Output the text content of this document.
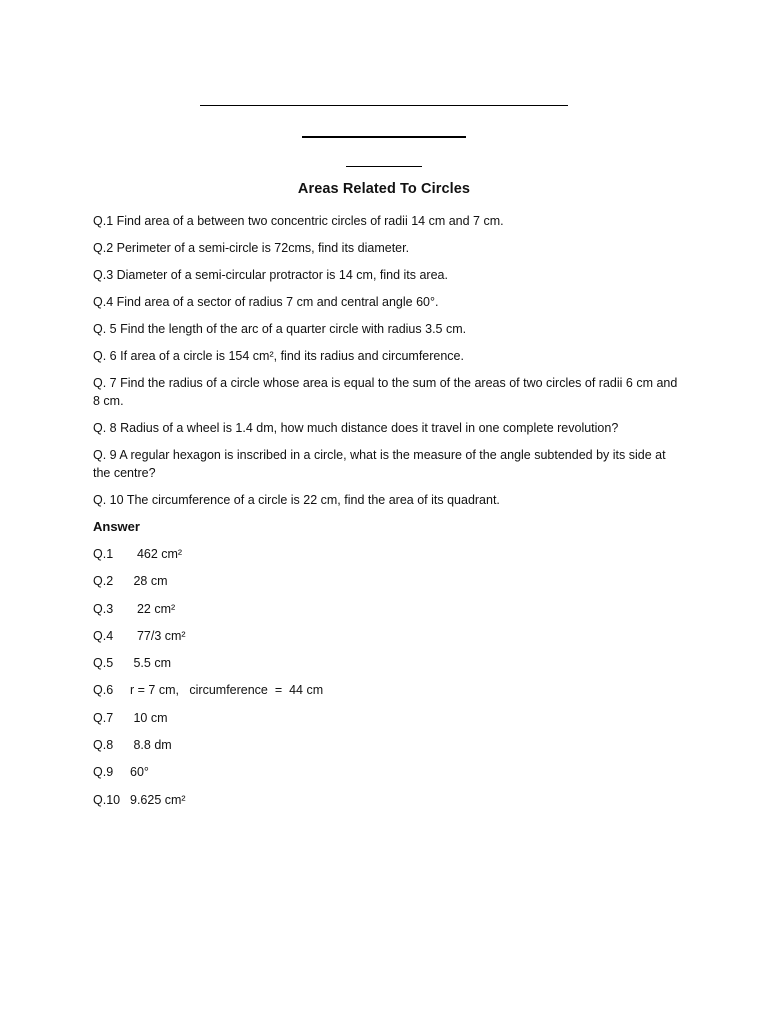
Areas Related To Circles
Q.1 Find area of a between two concentric circles of radii 14 cm and 7 cm.
Q.2 Perimeter of a semi-circle is 72cms, find its diameter.
Q.3 Diameter of a semi-circular protractor is 14 cm, find its area.
Q.4 Find area of a sector of radius 7 cm and central angle 60°.
Q. 5 Find the length of the arc of a quarter circle with radius 3.5 cm.
Q. 6 If area of a circle is 154 cm², find its radius and circumference.
Q. 7 Find the radius of a circle whose area is equal to the sum of the areas of two circles of radii 6 cm and 8 cm.
Q. 8 Radius of a wheel is 1.4 dm, how much distance does it travel in one complete revolution?
Q. 9 A regular hexagon is inscribed in a circle, what is the measure of the angle subtended by its side at the centre?
Q. 10 The circumference of a circle is 22 cm, find the area of its quadrant.
Answer
Q.1  462 cm²
Q.2 28 cm
Q.3  22 cm²
Q.4  77/3 cm²
Q.5 5.5 cm
Q.6 r = 7 cm,   circumference  =  44 cm
Q.7 10 cm
Q.8 8.8 dm
Q.9 60°
Q.10 9.625 cm²
